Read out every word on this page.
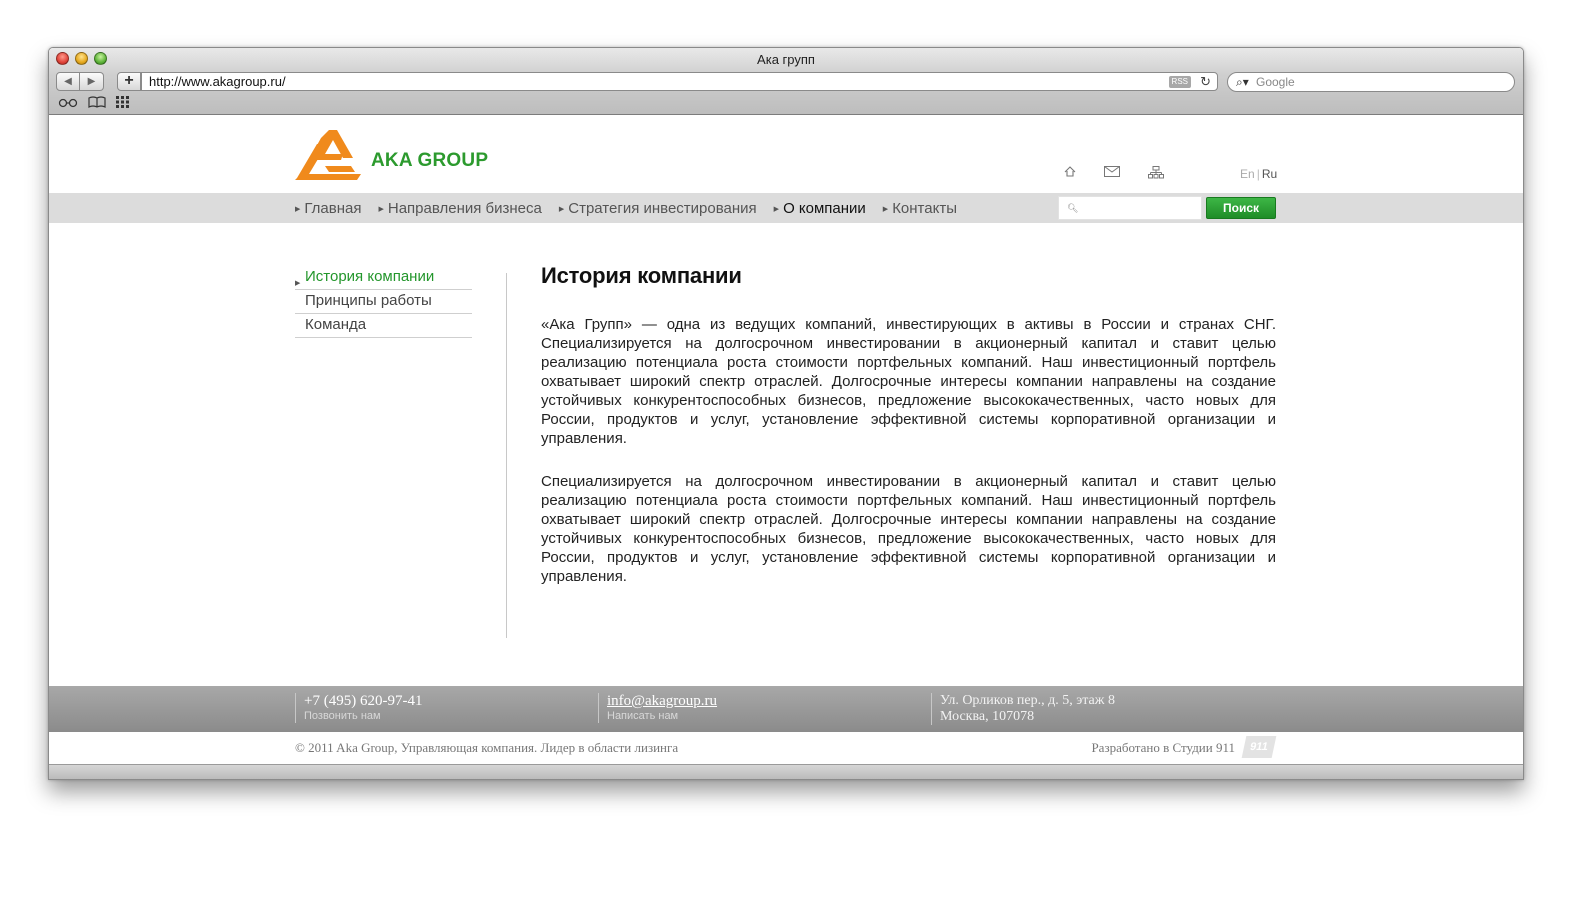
Ака групп
◀ ▶	+	http://www.akagroup.ru/	RSS ↻ ⌕▾ Google
AKA GROUP
En | Ru
▶ Главная ▶ Направления бизнеса ▶ Стратегия инвестирования ▶ О компании ▶ Контакты	🔍︎	Поиск
▶ История компании
Принципы работы
Команда
История компании

«Ака Групп» — одна из ведущих компаний, инвестирующих в активы в России и странах СНГ. Специализируется на долгосрочном инвестировании в акционерный капитал и ставит целью реализацию потенциала роста стоимости портфельных компаний. Наш инвестиционный портфель охватывает широкий спектр отраслей. Долгосрочные интересы компании направлены на создание устойчивых конкурентоспособных бизнесов, предложение высококачественных, часто новых для России, продуктов и услуг, установление эффективной системы корпоративной организации и управления.

Специализируется на долгосрочном инвестировании в акционерный капитал и ставит целью реализацию потенциала роста стоимости портфельных компаний. Наш инвестиционный портфель охватывает широкий спектр отраслей. Долгосрочные интересы компании направлены на создание устойчивых конкурентоспособных бизнесов, предложение высококачественных, часто новых для России, продуктов и услуг, установление эффективной системы корпоративной организации и управления.

+7 (495) 620-97-41
Позвонить нам
info@akagroup.ru
Написать нам
Ул. Орликов пер., д. 5, этаж 8
Москва, 107078
© 2011 Aka Group, Управляющая компания. Лидер в области лизинга	Разработано в Студии 911	911
